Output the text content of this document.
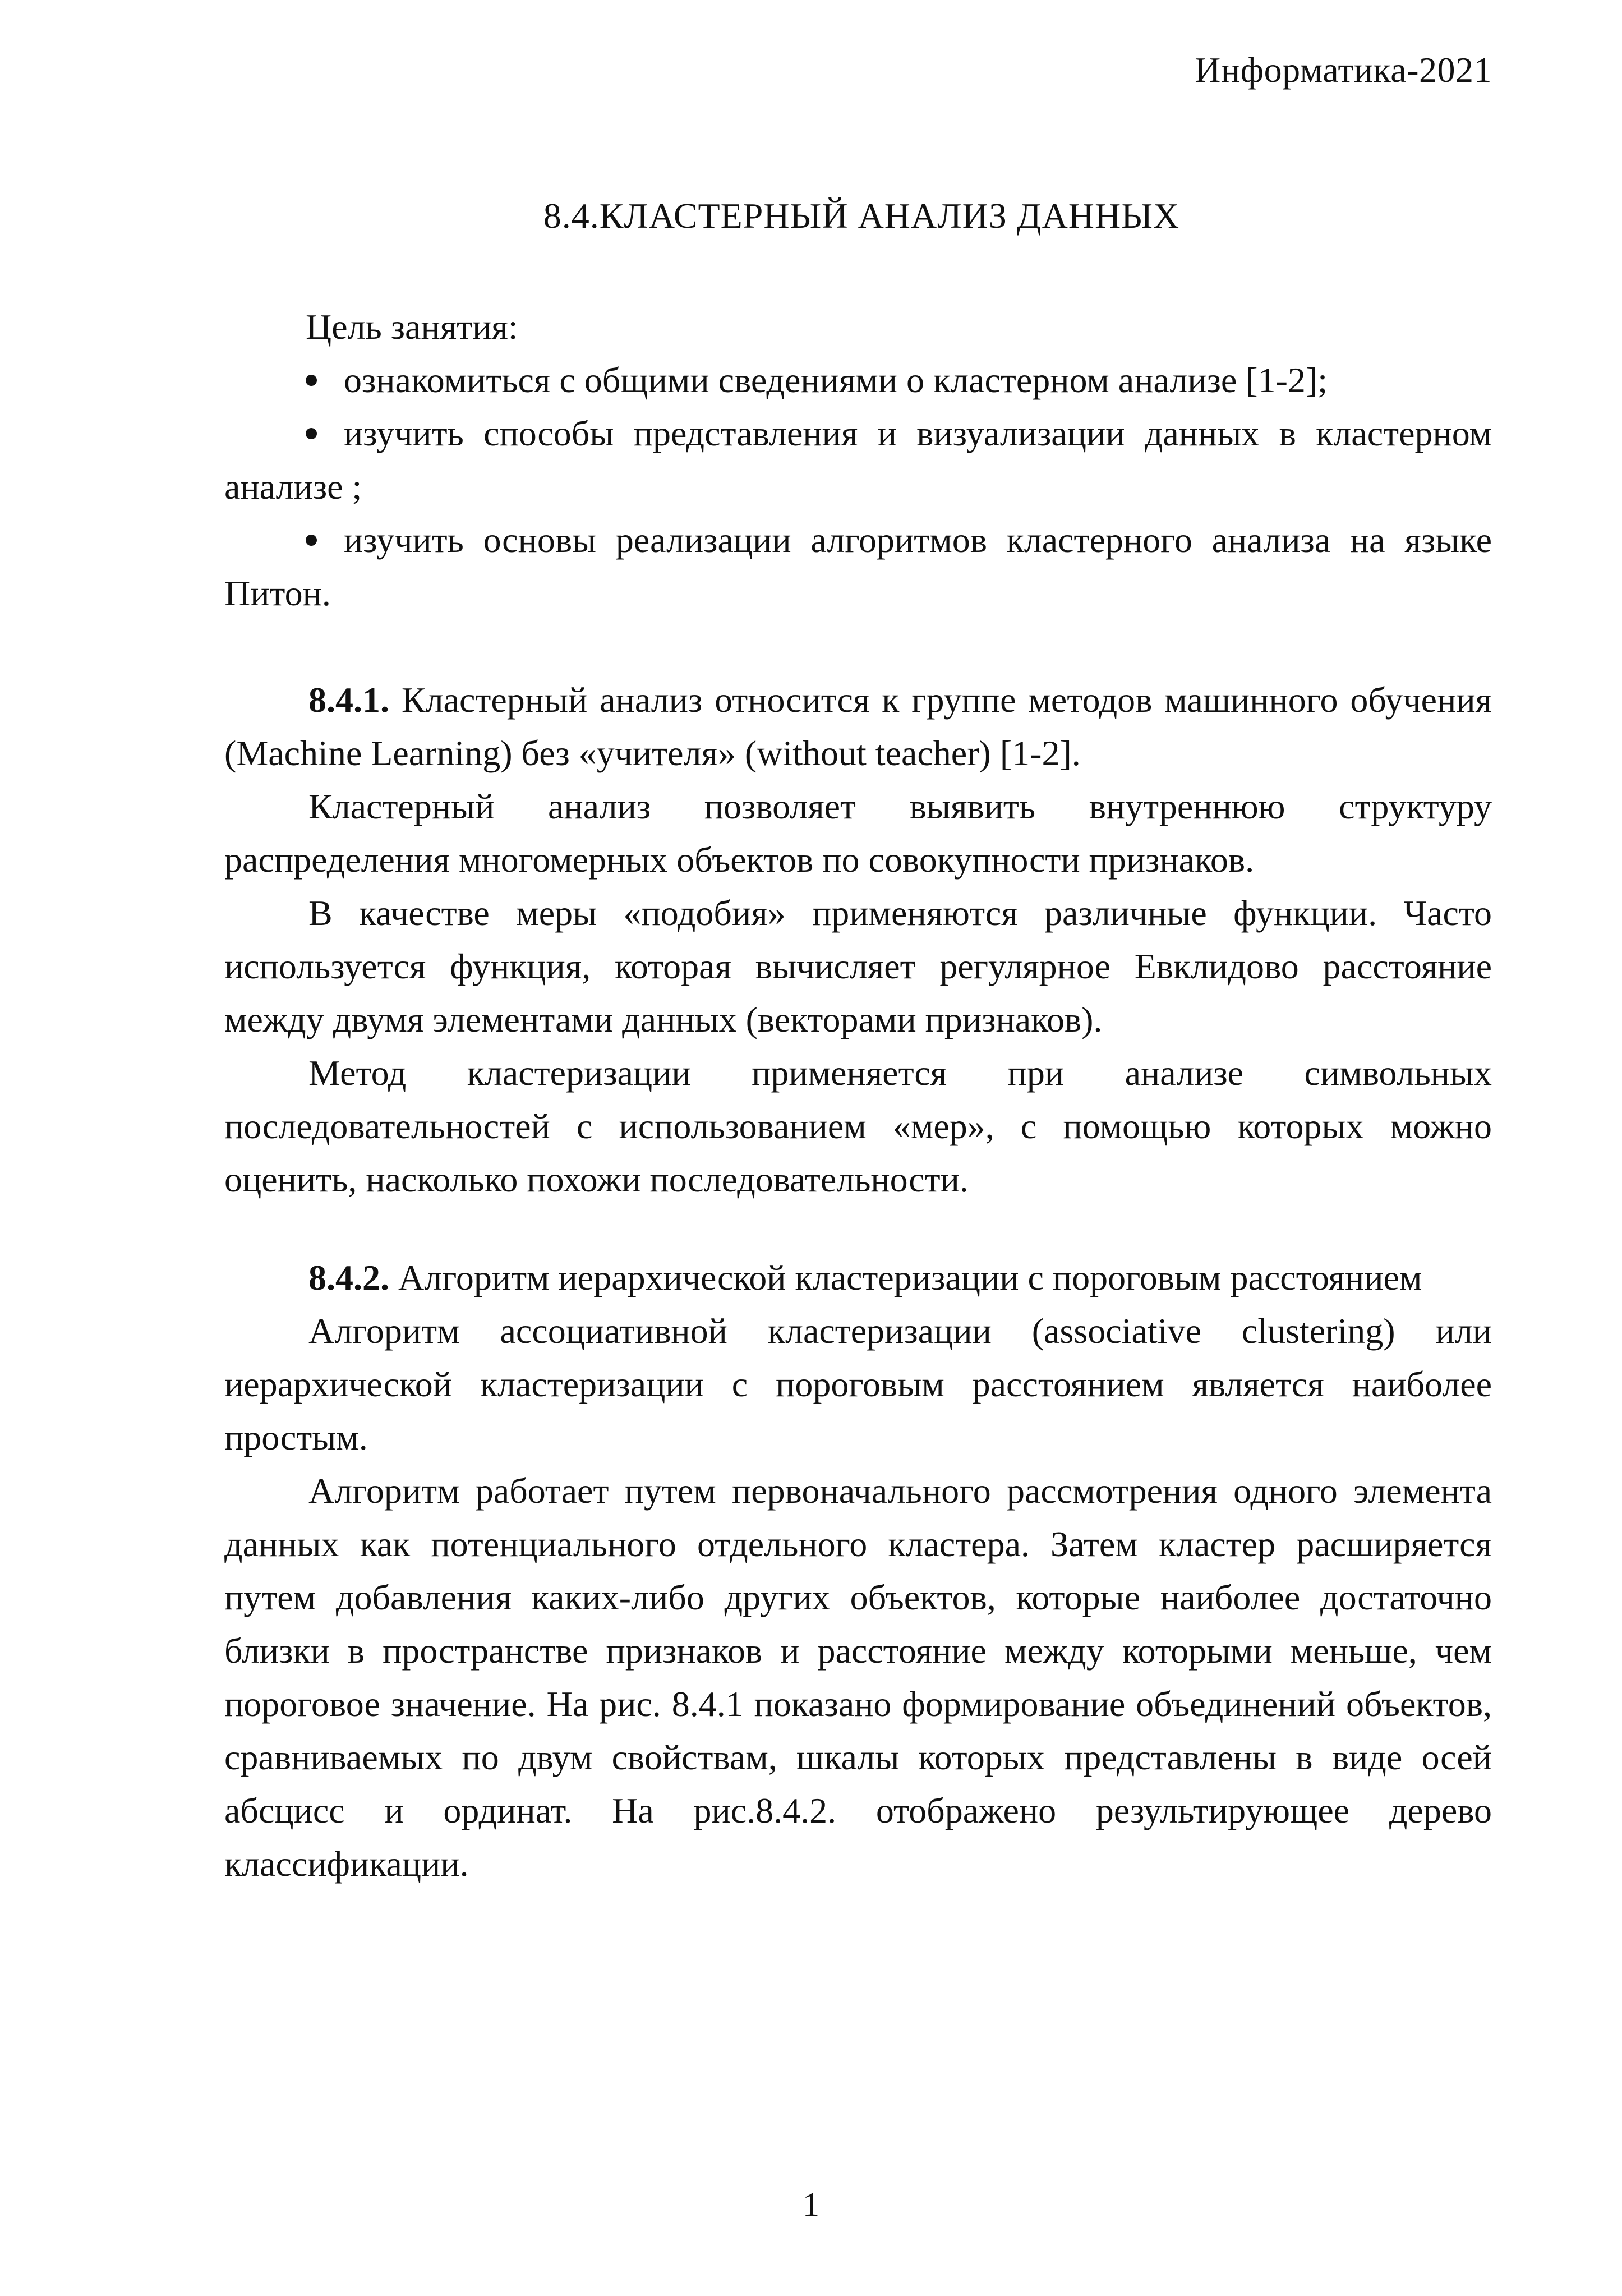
Информатика-2021
8.4.КЛАСТЕРНЫЙ АНАЛИЗ ДАННЫХ
Цель занятия:

ознакомиться с общими сведениями о кластерном анализе [1-2];

изучить способы представления и визуализации данных в кластерном анализе ;

изучить основы реализации алгоритмов кластерного анализа на языке Питон.

8.4.1. Кластерный анализ относится к группе методов машинного обучения (Machine Learning) без «учителя» (without teacher) [1-2].

Кластерный анализ позволяет выявить внутреннюю структуру распределения многомерных объектов по совокупности признаков.

В качестве меры «подобия» применяются различные функции. Часто используется функция, которая вычисляет регулярное Евклидово расстояние между двумя элементами данных (векторами признаков).

Метод кластеризации применяется при анализе символьных последовательностей с использованием «мер», с помощью которых можно оценить, насколько похожи последовательности.

8.4.2. Алгоритм иерархической кластеризации с пороговым расстоянием

Алгоритм ассоциативной кластеризации (associative clustering) или иерархической кластеризации с пороговым расстоянием является наиболее простым.

Алгоритм работает путем первоначального рассмотрения одного элемента данных как потенциального отдельного кластера. Затем кластер расширяется путем добавления каких-либо других объектов, которые наиболее достаточно близки в пространстве признаков и расстояние между которыми меньше, чем пороговое значение. На рис. 8.4.1 показано формирование объединений объектов, сравниваемых по двум свойствам, шкалы которых представлены в виде осей абсцисс и ординат. На рис.8.4.2. отображено результирующее дерево классификации.

1
